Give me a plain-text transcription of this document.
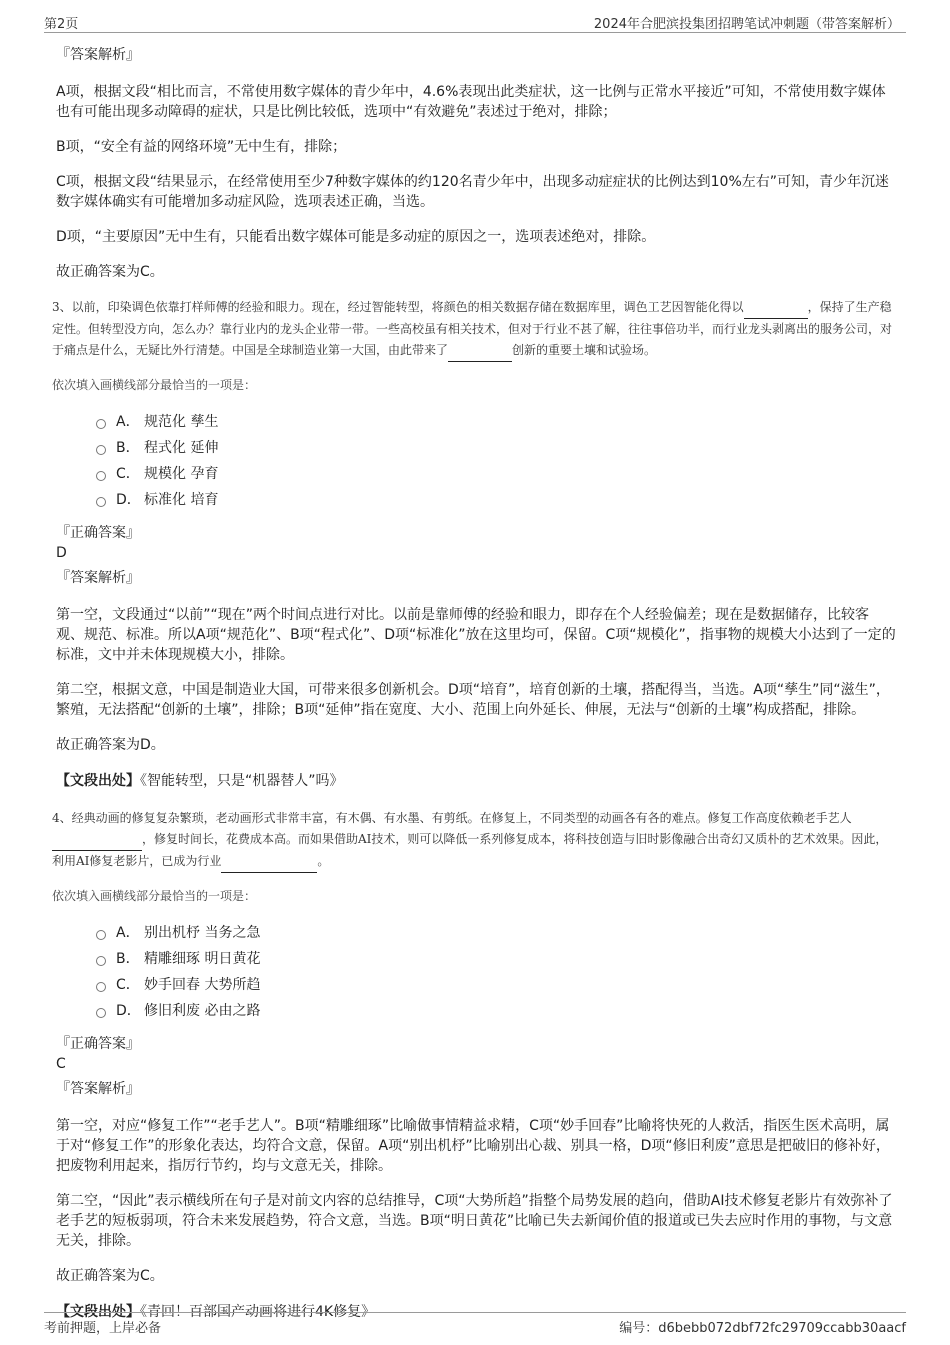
第2页	2024年合肥滨投集团招聘笔试冲刺题（带答案解析）
『答案解析』
A项，根据文段“相比而言，不常使用数字媒体的青少年中，4.6%表现出此类症状，这一比例与正常水平接近”可知，不常使用数字媒体也有可能出现多动障碍的症状，只是比例比较低，选项中“有效避免”表述过于绝对，排除；
B项，“安全有益的网络环境”无中生有，排除；
C项，根据文段“结果显示，在经常使用至少7种数字媒体的约120名青少年中，出现多动症症状的比例达到10%左右”可知，青少年沉迷数字媒体确实有可能增加多动症风险，选项表述正确，当选。
D项，“主要原因”无中生有，只能看出数字媒体可能是多动症的原因之一，选项表述绝对，排除。
故正确答案为C。
3、以前，印染调色依靠打样师傅的经验和眼力。现在，经过智能转型，将颜色的相关数据存储在数据库里，调色工艺因智能化得以	，保持了生产稳定性。但转型没方向，怎么办？靠行业内的龙头企业带一带。一些高校虽有相关技术，但对于行业不甚了解，往往事倍功半，而行业龙头剥离出的服务公司，对于痛点是什么，无疑比外行清楚。中国是全球制造业第一大国，由此带来了	创新的重要土壤和试验场。
依次填入画横线部分最恰当的一项是：
A． 规范化 孳生
B． 程式化 延伸
C． 规模化 孕育
D． 标准化 培育
『正确答案』
D
『答案解析』
第一空，文段通过“以前”“现在”两个时间点进行对比。以前是靠师傅的经验和眼力，即存在个人经验偏差；现在是数据储存，比较客观、规范、标准。所以A项“规范化”、B项“程式化”、D项“标准化”放在这里均可，保留。C项“规模化”，指事物的规模大小达到了一定的标准，文中并未体现规模大小，排除。
第二空，根据文意，中国是制造业大国，可带来很多创新机会。D项“培育”，培育创新的土壤，搭配得当，当选。A项“孳生”同“滋生”，繁殖，无法搭配“创新的土壤”，排除；B项“延伸”指在宽度、大小、范围上向外延长、伸展，无法与“创新的土壤”构成搭配，排除。
故正确答案为D。
【文段出处】《智能转型，只是“机器替人”吗》
4、经典动画的修复复杂繁琐，老动画形式非常丰富，有木偶、有水墨、有剪纸。在修复上，不同类型的动画各有各的难点。修复工作高度依赖老手艺人 ，修复时间长，花费成本高。而如果借助AI技术，则可以降低一系列修复成本，将科技创造与旧时影像融合出奇幻又质朴的艺术效果。因此，利用AI修复老影片，已成为行业	。
依次填入画横线部分最恰当的一项是：
A． 别出机杼 当务之急
B． 精雕细琢 明日黄花
C． 妙手回春 大势所趋
D． 修旧利废 必由之路
『正确答案』
C
『答案解析』
第一空，对应“修复工作”“老手艺人”。B项“精雕细琢”比喻做事情精益求精，C项“妙手回春”比喻将快死的人救活，指医生医术高明，属于对“修复工作”的形象化表达，均符合文意，保留。A项“别出机杼”比喻别出心裁、别具一格，D项“修旧利废”意思是把破旧的修补好，把废物利用起来，指厉行节约，均与文意无关，排除。
第二空，“因此”表示横线所在句子是对前文内容的总结推导，C项“大势所趋”指整个局势发展的趋向，借助AI技术修复老影片有效弥补了老手艺的短板弱项，符合未来发展趋势，符合文意，当选。B项“明日黄花”比喻已失去新闻价值的报道或已失去应时作用的事物，与文意无关，排除。
故正确答案为C。
【文段出处】《青回！百部国产动画将进行4K修复》
考前押题，上岸必备	编号：d6bebb072dbf72fc29709ccabb30aacf
